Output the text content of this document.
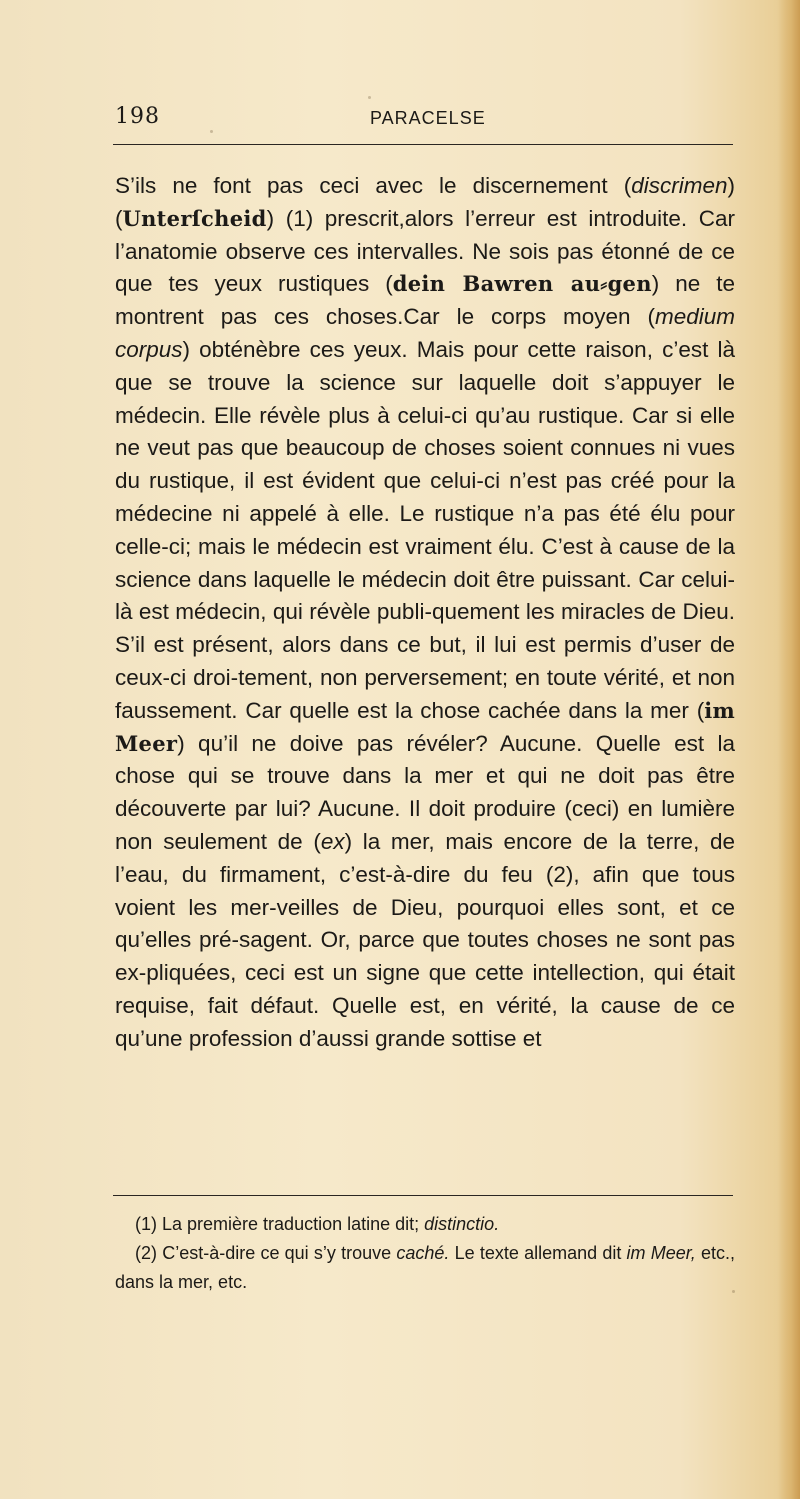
198	PARACELSE

S’ils ne font pas ceci avec le discernement (discrimen) (Unterſcheid) (1) prescrit,alors l’erreur est introduite. Car l’anatomie observe ces intervalles. Ne sois pas étonné de ce que tes yeux rustiques (dein Bawren au⸗gen) ne te montrent pas ces choses.Car le corps moyen (medium corpus) obténèbre ces yeux. Mais pour cette raison, c’est là que se trouve la science sur laquelle doit s’appuyer le médecin. Elle révèle plus à celui-ci qu’au rustique. Car si elle ne veut pas que beaucoup de choses soient connues ni vues du rustique, il est évident que celui-ci n’est pas créé pour la médecine ni appelé à elle. Le rustique n’a pas été élu pour celle-ci; mais le médecin est vraiment élu. C’est à cause de la science dans laquelle le médecin doit être puissant. Car celui-là est médecin, qui révèle publi-quement les miracles de Dieu. S’il est présent, alors dans ce but, il lui est permis d’user de ceux-ci droi-tement, non perversement; en toute vérité, et non faussement. Car quelle est la chose cachée dans la mer (im Meer) qu’il ne doive pas révéler? Aucune. Quelle est la chose qui se trouve dans la mer et qui ne doit pas être découverte par lui? Aucune. Il doit produire (ceci) en lumière non seulement de (ex) la mer, mais encore de la terre, de l’eau, du firmament, c’est-à-dire du feu (2), afin que tous voient les mer-veilles de Dieu, pourquoi elles sont, et ce qu’elles pré-sagent. Or, parce que toutes choses ne sont pas ex-pliquées, ceci est un signe que cette intellection, qui était requise, fait défaut. Quelle est, en vérité, la cause de ce qu’une profession d’aussi grande sottise et

(1) La première traduction latine dit; distinctio.

(2) C’est-à-dire ce qui s’y trouve caché. Le texte allemand dit im Meer, etc., dans la mer, etc.
